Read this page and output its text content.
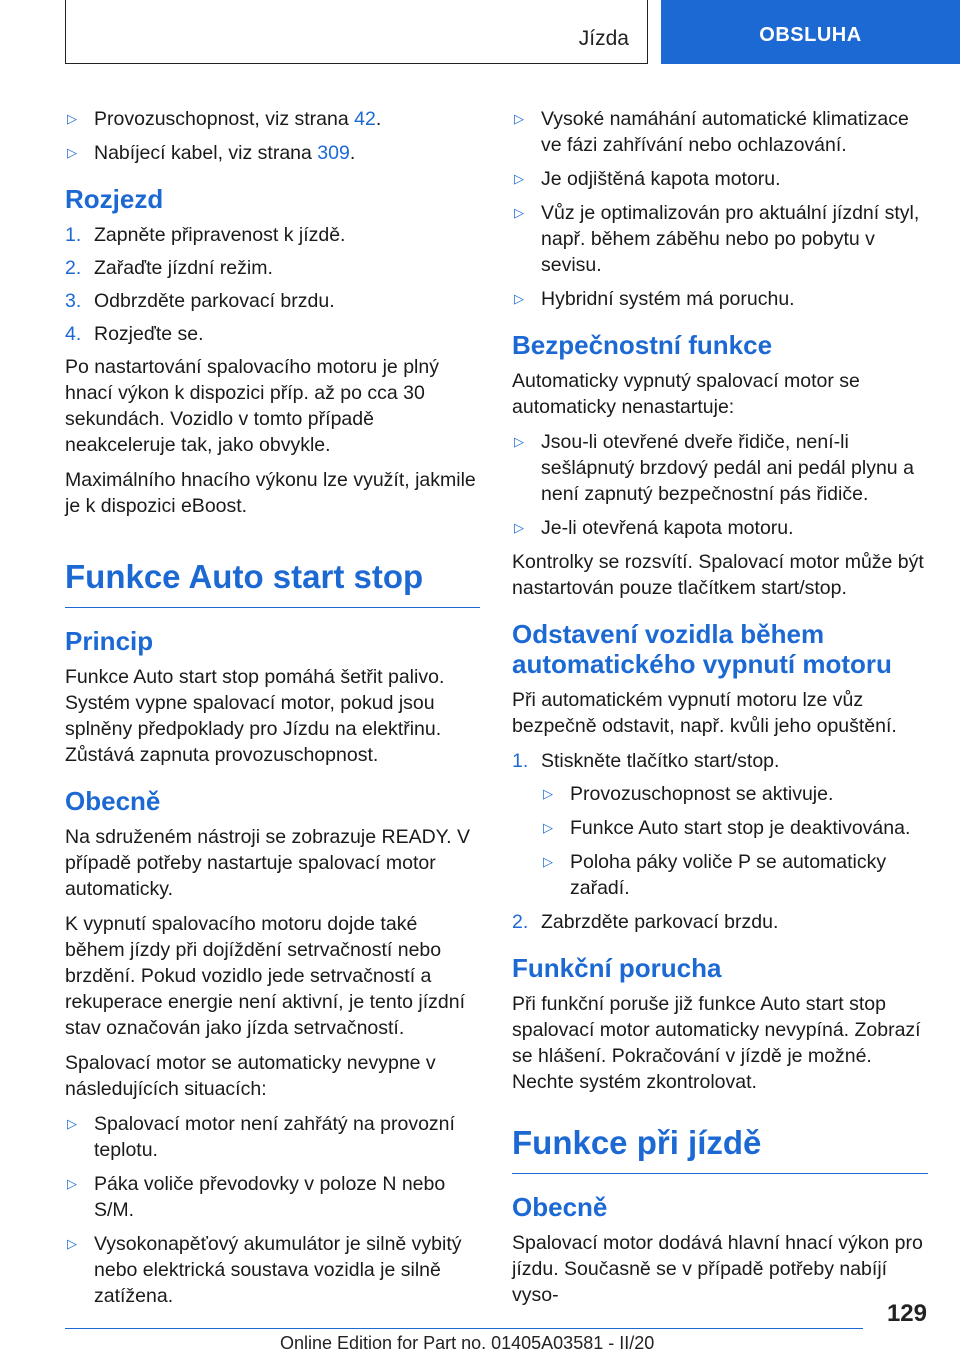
Jízda	OBSLUHA
▷ Provozuschopnost, viz strana 42.
▷ Nabíjecí kabel, viz strana 309.
Rozjezd
1. Zapněte připravenost k jízdě.
2. Zařaďte jízdní režim.
3. Odbrzděte parkovací brzdu.
4. Rozjeďte se.

Po nastartování spalovacího motoru je plný hnací výkon k dispozici příp. až po cca 30 sekundách. Vozidlo v tomto případě neakceleruje tak, jako obvykle.

Maximálního hnacího výkonu lze využít, jakmile je k dispozici eBoost.

Funkce Auto start stop
Princip

Funkce Auto start stop pomáhá šetřit palivo. Systém vypne spalovací motor, pokud jsou splněny předpoklady pro Jízdu na elektřinu. Zůstává zapnuta provozuschopnost.

Obecně

Na sdruženém nástroji se zobrazuje READY. V případě potřeby nastartuje spalovací motor automaticky.

K vypnutí spalovacího motoru dojde také během jízdy při dojíždění setrvačností nebo brzdění. Pokud vozidlo jede setrvačností a rekuperace energie není aktivní, je tento jízdní stav označován jako jízda setrvačností.

Spalovací motor se automaticky nevypne v následujících situacích:

▷ Spalovací motor není zahřátý na provozní teplotu.
▷ Páka voliče převodovky v poloze N nebo S/M.
▷ Vysokonapěťový akumulátor je silně vybitý nebo elektrická soustava vozidla je silně zatížena.
▷ Vysoké namáhání automatické klimatizace ve fázi zahřívání nebo ochlazování.
▷ Je odjištěná kapota motoru.
▷ Vůz je optimalizován pro aktuální jízdní styl, např. během záběhu nebo po pobytu v sevisu.
▷ Hybridní systém má poruchu.
Bezpečnostní funkce

Automaticky vypnutý spalovací motor se automaticky nenastartuje:

▷ Jsou-li otevřené dveře řidiče, není-li sešlápnutý brzdový pedál ani pedál plynu a není zapnutý bezpečnostní pás řidiče.
▷ Je-li otevřená kapota motoru.

Kontrolky se rozsvítí. Spalovací motor může být nastartován pouze tlačítkem start/stop.

Odstavení vozidla během automatického vypnutí motoru

Při automatickém vypnutí motoru lze vůz bezpečně odstavit, např. kvůli jeho opuštění.

1. Stiskněte tlačítko start/stop.
▷ Provozuschopnost se aktivuje.
▷ Funkce Auto start stop je deaktivována.
▷ Poloha páky voliče P se automaticky zařadí.
2. Zabrzděte parkovací brzdu.
Funkční porucha

Při funkční poruše již funkce Auto start stop spalovací motor automaticky nevypíná. Zobrazí se hlášení. Pokračování v jízdě je možné. Nechte systém zkontrolovat.

Funkce při jízdě
Obecně

Spalovací motor dodává hlavní hnací výkon pro jízdu. Současně se v případě potřeby nabíjí vyso-

129
Online Edition for Part no. 01405A03581 - II/20
